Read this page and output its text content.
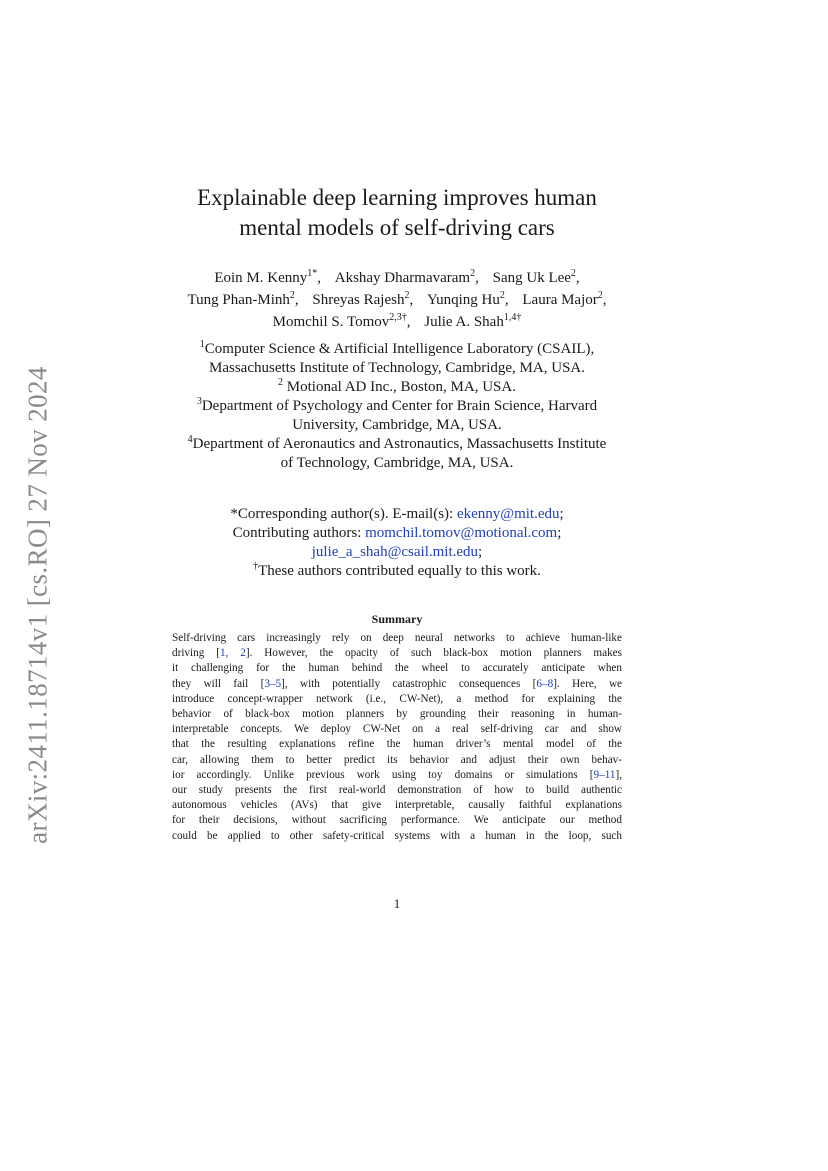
arXiv:2411.18714v1 [cs.RO] 27 Nov 2024
Explainable deep learning improves human
mental models of self-driving cars
Eoin M. Kenny$^{1*}$, Akshay Dharmavaram$^2$, Sang Uk Lee$^2$,
Tung Phan-Minh$^2$, Shreyas Rajesh$^2$, Yunqing Hu$^2$, Laura Major$^2$,
Momchil S. Tomov$^{2,3\dagger}$, Julie A. Shah$^{1,4\dagger}$
$^1$Computer Science & Artificial Intelligence Laboratory (CSAIL),
Massachusetts Institute of Technology, Cambridge, MA, USA.
$^2$ Motional AD Inc., Boston, MA, USA.
$^3$Department of Psychology and Center for Brain Science, Harvard
University, Cambridge, MA, USA.
$^4$Department of Aeronautics and Astronautics, Massachusetts Institute
of Technology, Cambridge, MA, USA.
*Corresponding author(s). E-mail(s): ekenny@mit.edu;
Contributing authors: momchil.tomov@motional.com;
julie_a_shah@csail.mit.edu;
†These authors contributed equally to this work.
Summary
Self-driving cars increasingly rely on deep neural networks to achieve human-like
driving [1, 2]. However, the opacity of such black-box motion planners makes
it challenging for the human behind the wheel to accurately anticipate when
they will fail [3–5], with potentially catastrophic consequences [6–8]. Here, we
introduce concept-wrapper network (i.e., CW-Net), a method for explaining the
behavior of black-box motion planners by grounding their reasoning in human-
interpretable concepts. We deploy CW-Net on a real self-driving car and show
that the resulting explanations refine the human driver’s mental model of the
car, allowing them to better predict its behavior and adjust their own behav-
ior accordingly. Unlike previous work using toy domains or simulations [9–11],
our study presents the first real-world demonstration of how to build authentic
autonomous vehicles (AVs) that give interpretable, causally faithful explanations
for their decisions, without sacrificing performance. We anticipate our method
could be applied to other safety-critical systems with a human in the loop, such
1
